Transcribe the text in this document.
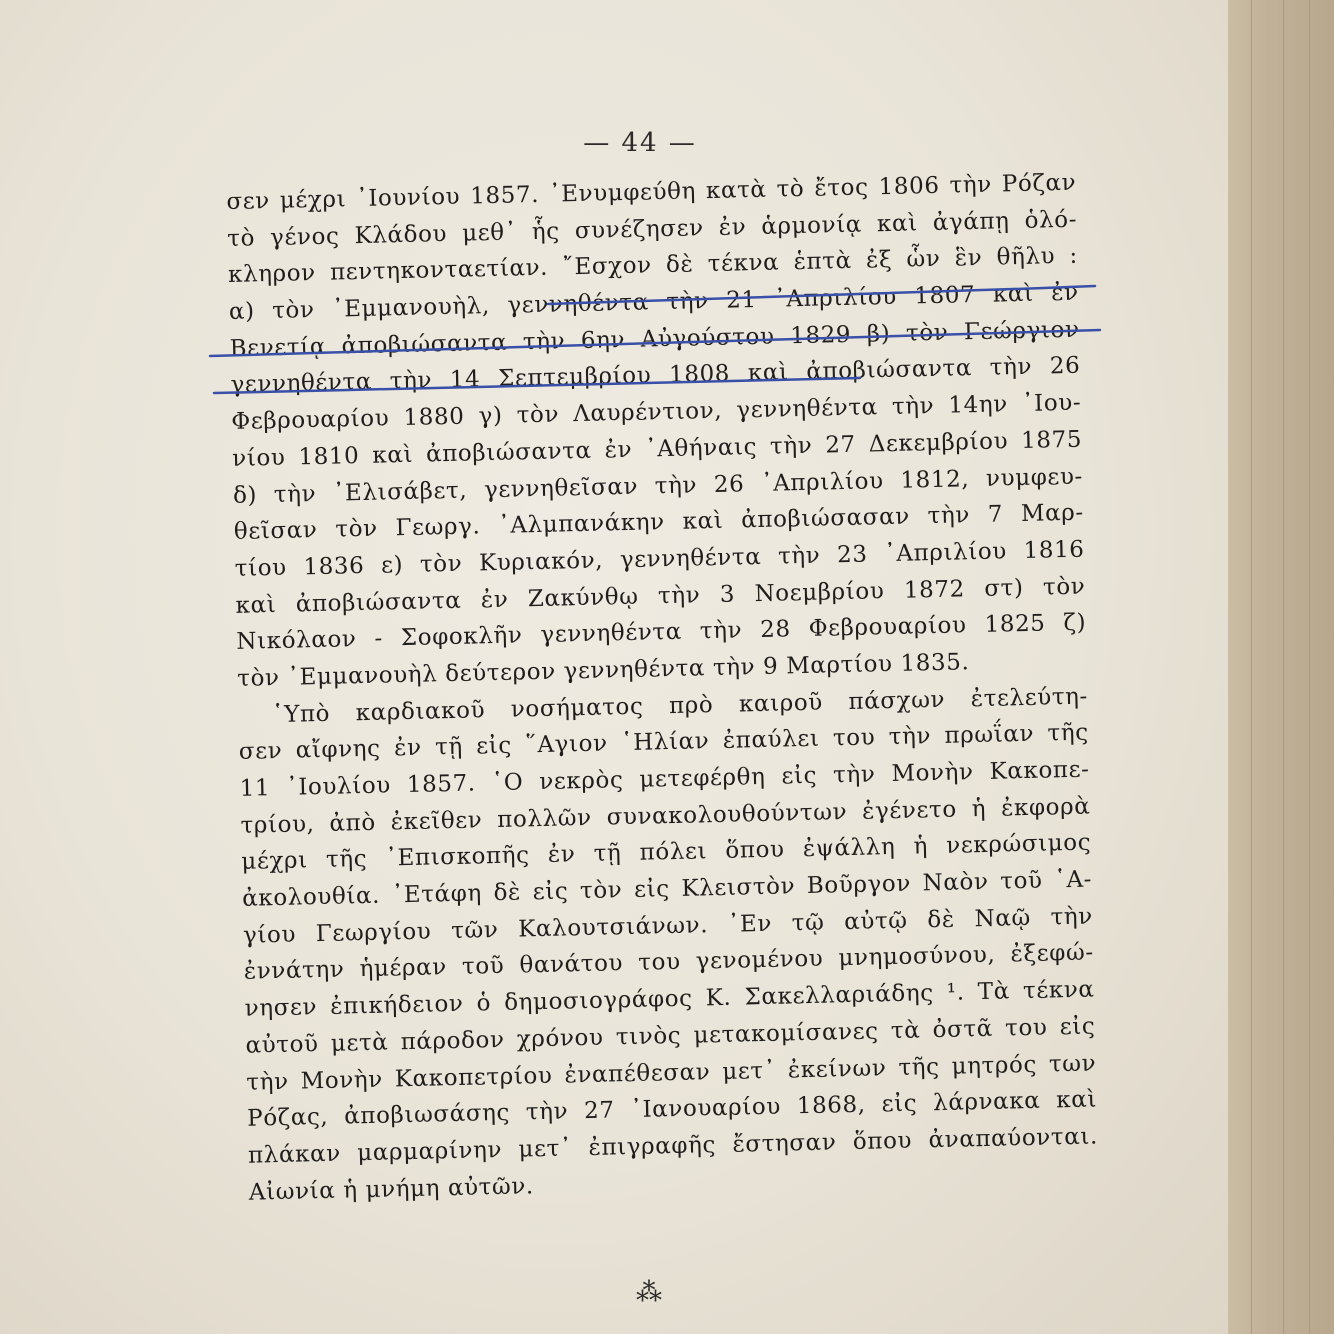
— 44 —
σεν μέχρι ᾿Ιουνίου 1857. ᾿Ενυμφεύθη κατὰ τὸ ἔτος 1806 τὴν Ρόζαν
τὸ γένος Κλάδου μεθ᾿ ἧς συνέζησεν ἐν ἁρμονίᾳ καὶ ἀγάπῃ ὁλό-
κληρον πεντηκονταετίαν. ῎Εσχον δὲ τέκνα ἑπτὰ ἐξ ὧν ἓν θῆλυ :
α) τὸν ᾿Εμμανουὴλ, γεννηθέντα τὴν 21 ᾿Απριλίου 1807 καὶ ἐν
Βενετίᾳ ἀποβιώσαντα τὴν 6ην Αὐγούστου 1829 β) τὸν Γεώργιον
γεννηθέντα τὴν 14 Σεπτεμβρίου 1808 καὶ ἀποβιώσαντα τὴν 26
Φεβρουαρίου 1880 γ) τὸν Λαυρέντιον, γεννηθέντα τὴν 14ην ᾿Ιου-
νίου 1810 καὶ ἀποβιώσαντα ἐν ᾿Αθήναις τὴν 27 Δεκεμβρίου 1875
δ) τὴν ᾿Ελισάβετ, γεννηθεῖσαν τὴν 26 ᾿Απριλίου 1812, νυμφευ-
θεῖσαν τὸν Γεωργ. ᾿Αλμπανάκην καὶ ἀποβιώσασαν τὴν 7 Μαρ-
τίου 1836 ε) τὸν Κυριακόν, γεννηθέντα τὴν 23 ᾿Απριλίου 1816
καὶ ἀποβιώσαντα ἐν Ζακύνθῳ τὴν 3 Νοεμβρίου 1872 στ) τὸν
Νικόλαον - Σοφοκλῆν γεννηθέντα τὴν 28 Φεβρουαρίου 1825 ζ)
τὸν ᾿Εμμανουὴλ δεύτερον γεννηθέντα τὴν 9 Μαρτίου 1835.
῾Υπὸ καρδιακοῦ νοσήματος πρὸ καιροῦ πάσχων ἐτελεύτη-
σεν αἴφνης ἐν τῇ εἰς ῞Αγιον ῾Ηλίαν ἐπαύλει του τὴν πρωΐαν τῆς
11 ᾿Ιουλίου 1857. ῾Ο νεκρὸς μετεφέρθη εἰς τὴν Μονὴν Κακοπε-
τρίου, ἀπὸ ἐκεῖθεν πολλῶν συνακολουθούντων ἐγένετο ἡ ἐκφορὰ
μέχρι τῆς ᾿Επισκοπῆς ἐν τῇ πόλει ὅπου ἐψάλλη ἡ νεκρώσιμος
ἀκολουθία. ᾿Ετάφη δὲ εἰς τὸν εἰς Κλειστὸν Βοῦργον Ναὸν τοῦ ῾Α-
γίου Γεωργίου τῶν Καλουτσιάνων. ᾿Εν τῷ αὐτῷ δὲ Ναῷ τὴν
ἐννάτην ἡμέραν τοῦ θανάτου του γενομένου μνημοσύνου, ἐξεφώ-
νησεν ἐπικήδειον ὁ δημοσιογράφος Κ. Σακελλαριάδης ¹. Τὰ τέκνα
αὐτοῦ μετὰ πάροδον χρόνου τινὸς μετακομίσανες τὰ ὀστᾶ του εἰς
τὴν Μονὴν Κακοπετρίου ἐναπέθεσαν μετ᾿ ἐκείνων τῆς μητρός των
Ρόζας, ἀποβιωσάσης τὴν 27 ᾿Ιανουαρίου 1868, εἰς λάρνακα καὶ
πλάκαν μαρμαρίνην μετ᾿ ἐπιγραφῆς ἔστησαν ὅπου ἀναπαύονται.
Αἰωνία ἡ μνήμη αὐτῶν.
⁂
